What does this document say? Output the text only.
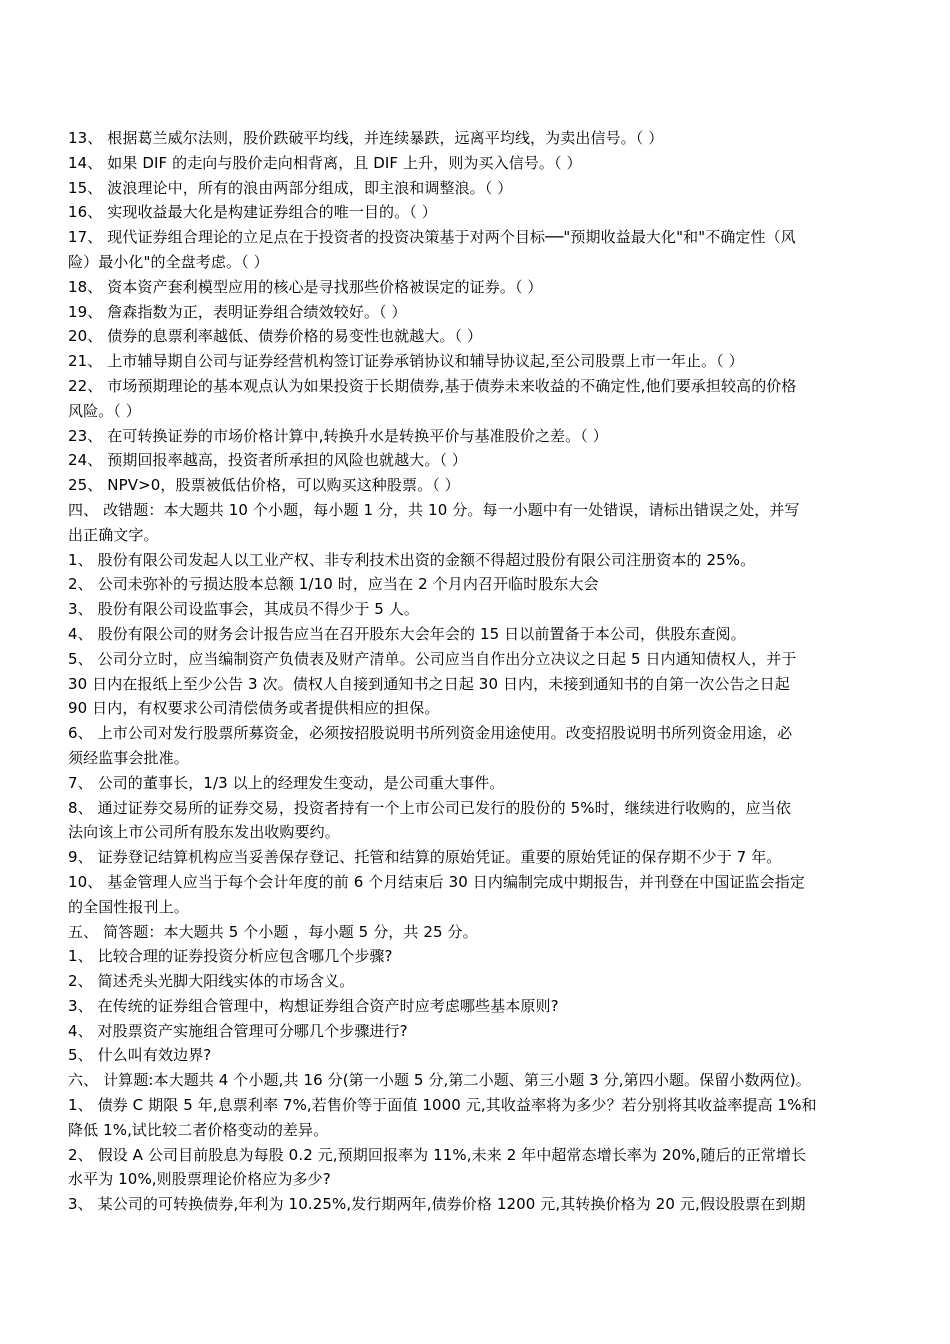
13、 根据葛兰威尔法则，股价跌破平均线，并连续暴跌，远离平均线，为卖出信号。（ ）
14、 如果 DIF 的走向与股价走向相背离，且 DIF 上升，则为买入信号。（ ）
15、 波浪理论中，所有的浪由两部分组成，即主浪和调整浪。（ ）
16、 实现收益最大化是构建证券组合的唯一目的。（ ）
17、 现代证券组合理论的立足点在于投资者的投资决策基于对两个目标──"预期收益最大化"和"不确定性（风
险）最小化"的全盘考虑。（ ）
18、 资本资产套利模型应用的核心是寻找那些价格被误定的证券。（ ）
19、 詹森指数为正，表明证券组合绩效较好。（ ）
20、 债券的息票利率越低、债券价格的易变性也就越大。（ ）
21、 上市辅导期自公司与证券经营机构签订证券承销协议和辅导协议起,至公司股票上市一年止。（ ）
22、 市场预期理论的基本观点认为如果投资于长期债券,基于债券未来收益的不确定性,他们要承担较高的价格
风险。（ ）
23、 在可转换证券的市场价格计算中,转换升水是转换平价与基准股价之差。（ ）
24、 预期回报率越高，投资者所承担的风险也就越大。（ ）
25、 NPV>0，股票被低估价格，可以购买这种股票。（ ）
四、 改错题：本大题共 10 个小题，每小题 1 分，共 10 分。每一小题中有一处错误，请标出错误之处，并写
出正确文字。
1、 股份有限公司发起人以工业产权、非专利技术出资的金额不得超过股份有限公司注册资本的 25%。
2、 公司未弥补的亏损达股本总额 1/10 时，应当在 2 个月内召开临时股东大会
3、 股份有限公司设监事会，其成员不得少于 5 人。
4、 股份有限公司的财务会计报告应当在召开股东大会年会的 15 日以前置备于本公司，供股东查阅。
5、 公司分立时，应当编制资产负债表及财产清单。公司应当自作出分立决议之日起 5 日内通知债权人，并于
30 日内在报纸上至少公告 3 次。债权人自接到通知书之日起 30 日内，未接到通知书的自第一次公告之日起
90 日内，有权要求公司清偿债务或者提供相应的担保。
6、 上市公司对发行股票所募资金，必须按招股说明书所列资金用途使用。改变招股说明书所列资金用途，必
须经监事会批准。
7、 公司的董事长，1/3 以上的经理发生变动，是公司重大事件。
8、 通过证券交易所的证券交易，投资者持有一个上市公司已发行的股份的 5%时，继续进行收购的，应当依
法向该上市公司所有股东发出收购要约。
9、 证券登记结算机构应当妥善保存登记、托管和结算的原始凭证。重要的原始凭证的保存期不少于 7 年。
10、 基金管理人应当于每个会计年度的前 6 个月结束后 30 日内编制完成中期报告，并刊登在中国证监会指定
的全国性报刊上。
五、 简答题：本大题共 5 个小题 ，每小题 5 分，共 25 分。
1、 比较合理的证券投资分析应包含哪几个步骤?
2、 简述秃头光脚大阳线实体的市场含义。
3、 在传统的证券组合管理中，构想证券组合资产时应考虑哪些基本原则?
4、 对股票资产实施组合管理可分哪几个步骤进行?
5、 什么叫有效边界?
六、 计算题:本大题共 4 个小题,共 16 分(第一小题 5 分,第二小题、第三小题 3 分,第四小题。保留小数两位)。
1、 债券 C 期限 5 年,息票利率 7%,若售价等于面值 1000 元,其收益率将为多少？若分别将其收益率提高 1%和
降低 1%,试比较二者价格变动的差异。
2、 假设 A 公司目前股息为每股 0.2 元,预期回报率为 11%,未来 2 年中超常态增长率为 20%,随后的正常增长
水平为 10%,则股票理论价格应为多少?
3、 某公司的可转换债券,年利为 10.25%,发行期两年,债券价格 1200 元,其转换价格为 20 元,假设股票在到期
